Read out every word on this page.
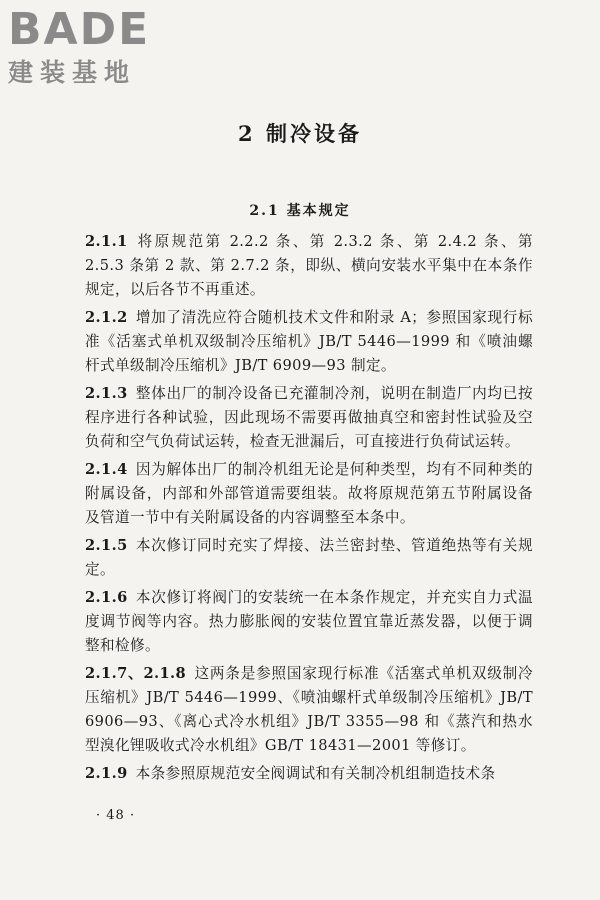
BADE
建装基地
2 制冷设备
2.1 基本规定

2.1.1 将原规范第 2.2.2 条、第 2.3.2 条、第 2.4.2 条、第 2.5.3 条第 2 款、第 2.7.2 条，即纵、横向安装水平集中在本条作规定，以后各节不再重述。

2.1.2 增加了清洗应符合随机技术文件和附录 A；参照国家现行标准《活塞式单机双级制冷压缩机》JB/T 5446—1999 和《喷油螺杆式单级制冷压缩机》JB/T 6909—93 制定。

2.1.3 整体出厂的制冷设备已充灌制冷剂，说明在制造厂内均已按程序进行各种试验，因此现场不需要再做抽真空和密封性试验及空负荷和空气负荷试运转，检查无泄漏后，可直接进行负荷试运转。

2.1.4 因为解体出厂的制冷机组无论是何种类型，均有不同种类的附属设备，内部和外部管道需要组装。故将原规范第五节附属设备及管道一节中有关附属设备的内容调整至本条中。

2.1.5 本次修订同时充实了焊接、法兰密封垫、管道绝热等有关规定。

2.1.6 本次修订将阀门的安装统一在本条作规定，并充实自力式温度调节阀等内容。热力膨胀阀的安装位置宜靠近蒸发器，以便于调整和检修。

2.1.7、2.1.8 这两条是参照国家现行标准《活塞式单机双级制冷压缩机》JB/T 5446—1999、《喷油螺杆式单级制冷压缩机》JB/T 6906—93、《离心式冷水机组》JB/T 3355—98 和《蒸汽和热水型溴化锂吸收式冷水机组》GB/T 18431—2001 等修订。

2.1.9 本条参照原规范安全阀调试和有关制冷机组制造技术条

· 48 ·
